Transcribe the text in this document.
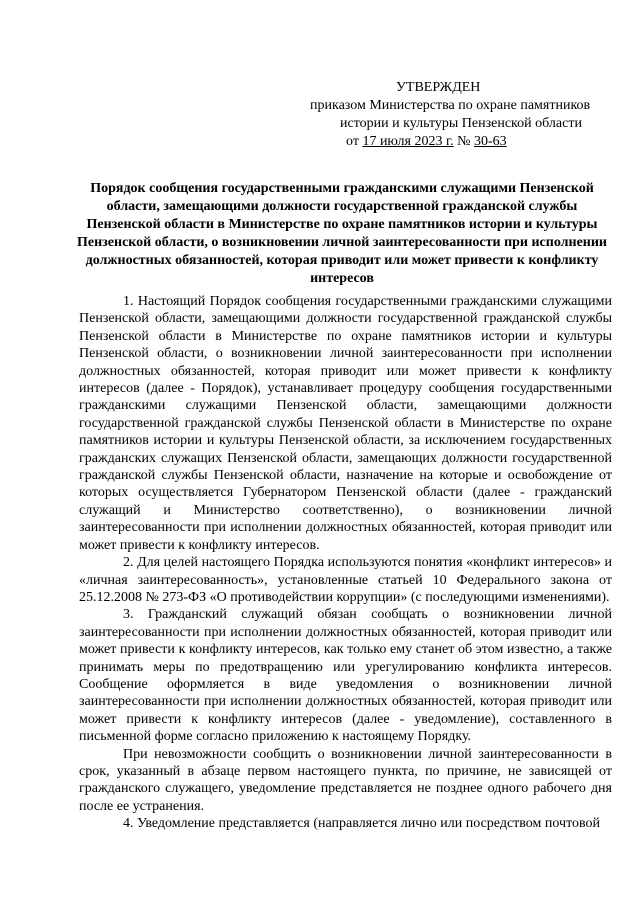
УТВЕРЖДЕН
приказом Министерства по охране памятников
истории и культуры Пензенской области
от 17 июля 2023 г. № 30-63
Порядок сообщения государственными гражданскими служащими Пензенской области, замещающими должности государственной гражданской службы Пензенской области в Министерстве по охране памятников истории и культуры Пензенской области, о возникновении личной заинтересованности при исполнении должностных обязанностей, которая приводит или может привести к конфликту интересов

1. Настоящий Порядок сообщения государственными гражданскими служащими Пензенской области, замещающими должности государственной гражданской службы Пензенской области в Министерстве по охране памятников истории и культуры Пензенской области, о возникновении личной заинтересованности при исполнении должностных обязанностей, которая приводит или может привести к конфликту интересов (далее - Порядок), устанавливает процедуру сообщения государственными гражданскими служащими Пензенской области, замещающими должности государственной гражданской службы Пензенской области в Министерстве по охране памятников истории и культуры Пензенской области, за исключением государственных гражданских служащих Пензенской области, замещающих должности государственной гражданской службы Пензенской области, назначение на которые и освобождение от которых осуществляется Губернатором Пензенской области (далее - гражданский служащий и Министерство соответственно), о возникновении личной заинтересованности при исполнении должностных обязанностей, которая приводит или может привести к конфликту интересов.

2. Для целей настоящего Порядка используются понятия «конфликт интересов» и «личная заинтересованность», установленные статьей 10 Федерального закона от 25.12.2008 № 273-ФЗ «О противодействии коррупции» (с последующими изменениями).

3. Гражданский служащий обязан сообщать о возникновении личной заинтересованности при исполнении должностных обязанностей, которая приводит или может привести к конфликту интересов, как только ему станет об этом известно, а также принимать меры по предотвращению или урегулированию конфликта интересов. Сообщение оформляется в виде уведомления о возникновении личной заинтересованности при исполнении должностных обязанностей, которая приводит или может привести к конфликту интересов (далее - уведомление), составленного в письменной форме согласно приложению к настоящему Порядку.

При невозможности сообщить о возникновении личной заинтересованности в срок, указанный в абзаце первом настоящего пункта, по причине, не зависящей от гражданского служащего, уведомление представляется не позднее одного рабочего дня после ее устранения.

4. Уведомление представляется (направляется лично или посредством почтовой
